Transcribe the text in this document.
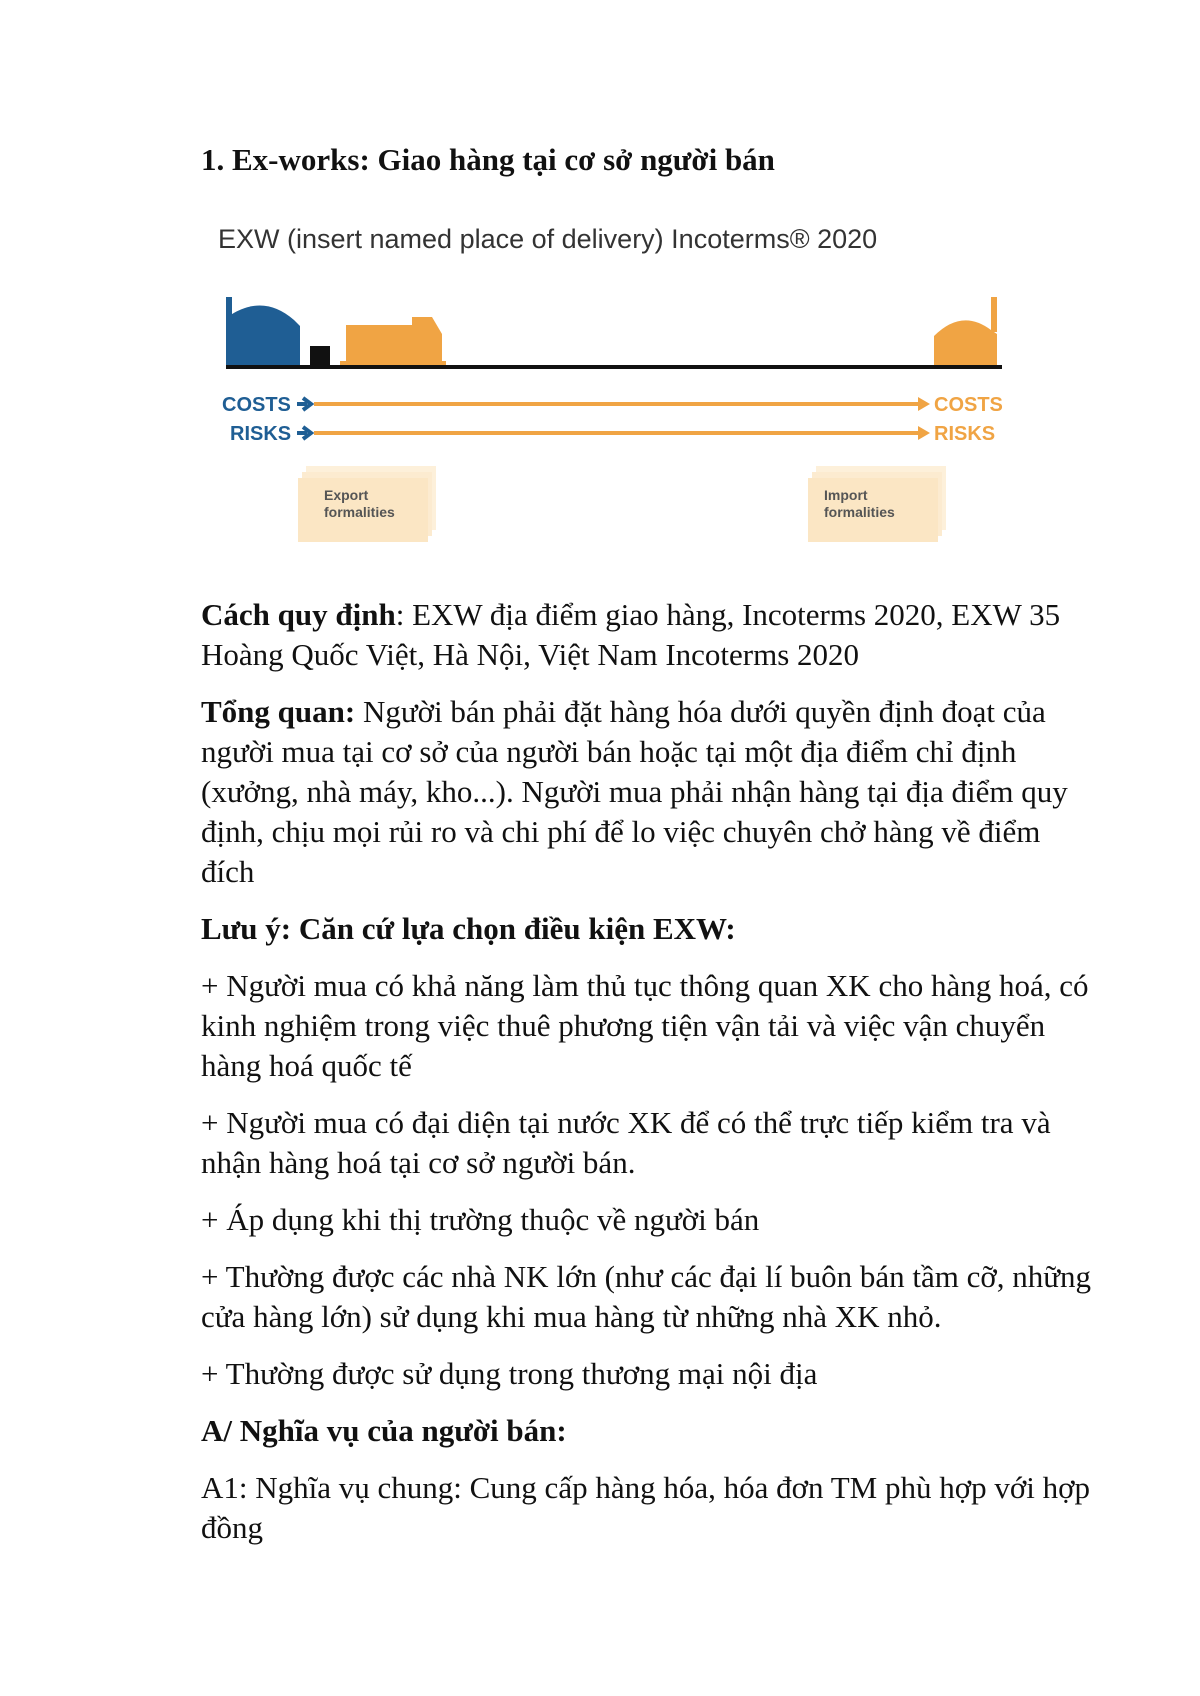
1. Ex-works: Giao hàng tại cơ sở người bán
EXW (insert named place of delivery) Incoterms® 2020
COSTS	COSTS
RISKS	RISKS
Export
formalities
Import
formalities

Cách quy định: EXW địa điểm giao hàng, Incoterms 2020, EXW 35 Hoàng Quốc Việt, Hà Nội, Việt Nam Incoterms 2020

Tổng quan: Người bán phải đặt hàng hóa dưới quyền định đoạt của người mua tại cơ sở của người bán hoặc tại một địa điểm chỉ định (xưởng, nhà máy, kho...). Người mua phải nhận hàng tại địa điểm quy định, chịu mọi rủi ro và chi phí để lo việc chuyên chở hàng về điểm đích

Lưu ý: Căn cứ lựa chọn điều kiện EXW:

+ Người mua có khả năng làm thủ tục thông quan XK cho hàng hoá, có kinh nghiệm trong việc thuê phương tiện vận tải và việc vận chuyển hàng hoá quốc tế

+ Người mua có đại diện tại nước XK để có thể trực tiếp kiểm tra và nhận hàng hoá tại cơ sở người bán.

+ Áp dụng khi thị trường thuộc về người bán

+ Thường được các nhà NK lớn (như các đại lí buôn bán tầm cỡ, những cửa hàng lớn) sử dụng khi mua hàng từ những nhà XK nhỏ.

+ Thường được sử dụng trong thương mại nội địa

A/ Nghĩa vụ của người bán:

A1: Nghĩa vụ chung: Cung cấp hàng hóa, hóa đơn TM phù hợp với hợp đồng
